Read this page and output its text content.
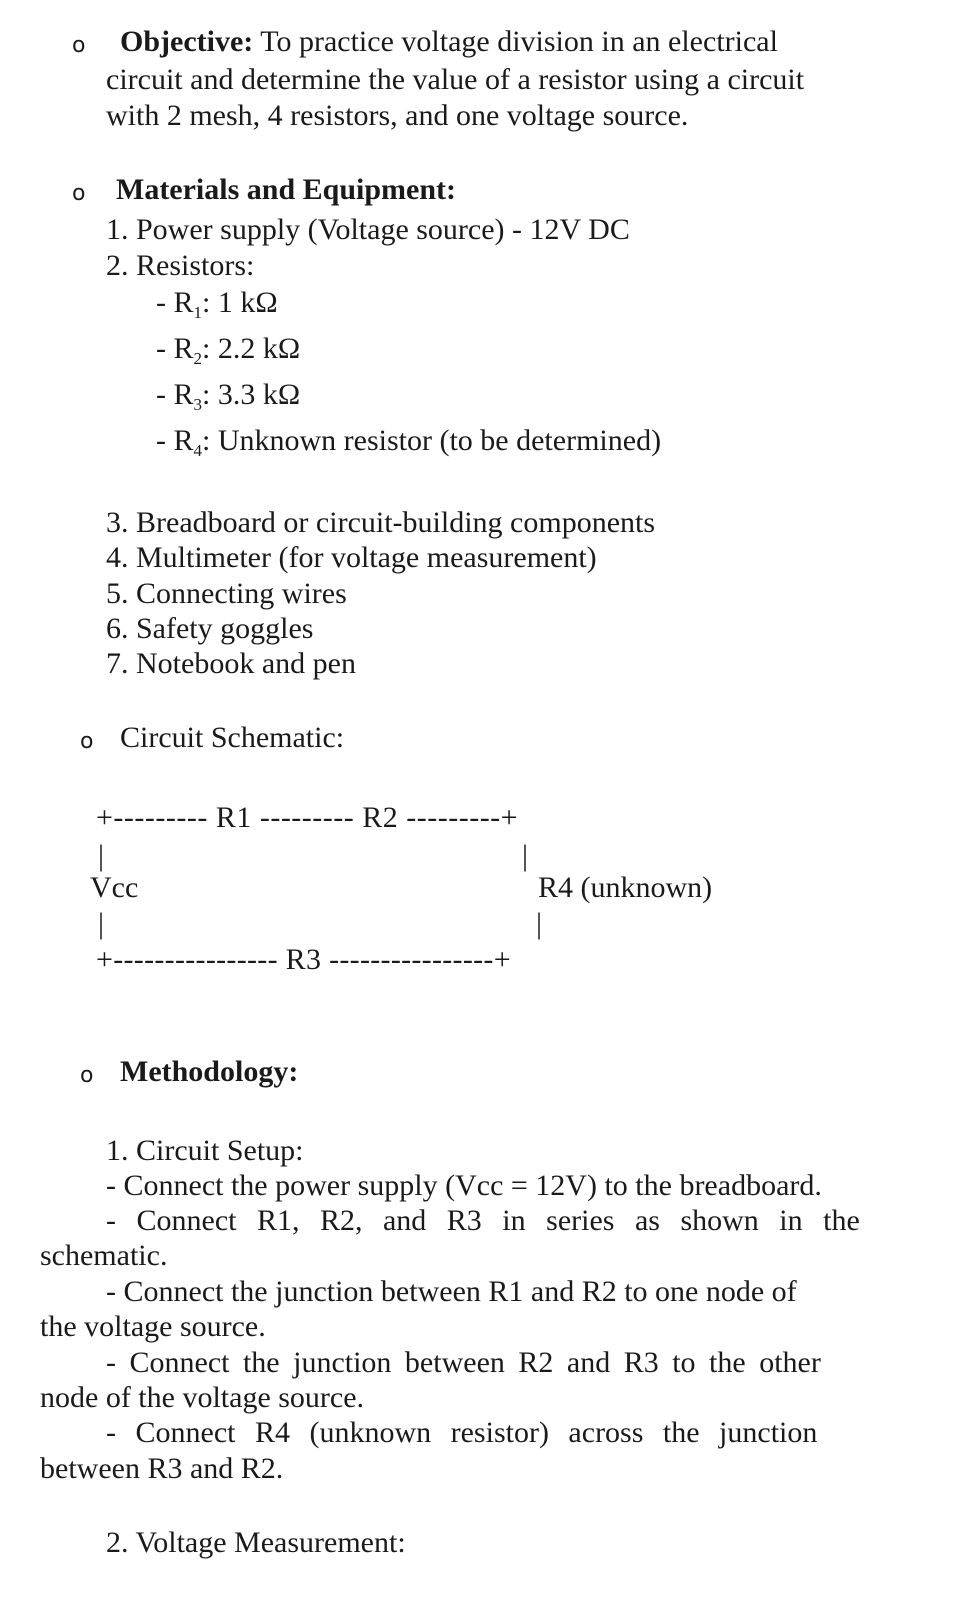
o Objective: To practice voltage division in an electrical
circuit and determine the value of a resistor using a circuit
with 2 mesh, 4 resistors, and one voltage source.
o Materials and Equipment:
1. Power supply (Voltage source) - 12V DC
2. Resistors:
- $R_1$: 1 kΩ
- $R_2$: 2.2 kΩ
- $R_3$: 3.3 kΩ
- $R_4$: Unknown resistor (to be determined)
3. Breadboard or circuit-building components
4. Multimeter (for voltage measurement)
5. Connecting wires
6. Safety goggles
7. Notebook and pen
o Circuit Schematic:
+--------- R1 --------- R2 ---------+
|	|
Vcc	R4 (unknown)
|	|
+---------------- R3 ----------------+
o Methodology:
1. Circuit Setup:
- Connect the power supply (Vcc = 12V) to the breadboard.
- Connect R1, R2, and R3 in series as shown in the
schematic.
- Connect the junction between R1 and R2 to one node of
the voltage source.
- Connect the junction between R2 and R3 to the other
node of the voltage source.
- Connect R4 (unknown resistor) across the junction
between R3 and R2.
2. Voltage Measurement:
